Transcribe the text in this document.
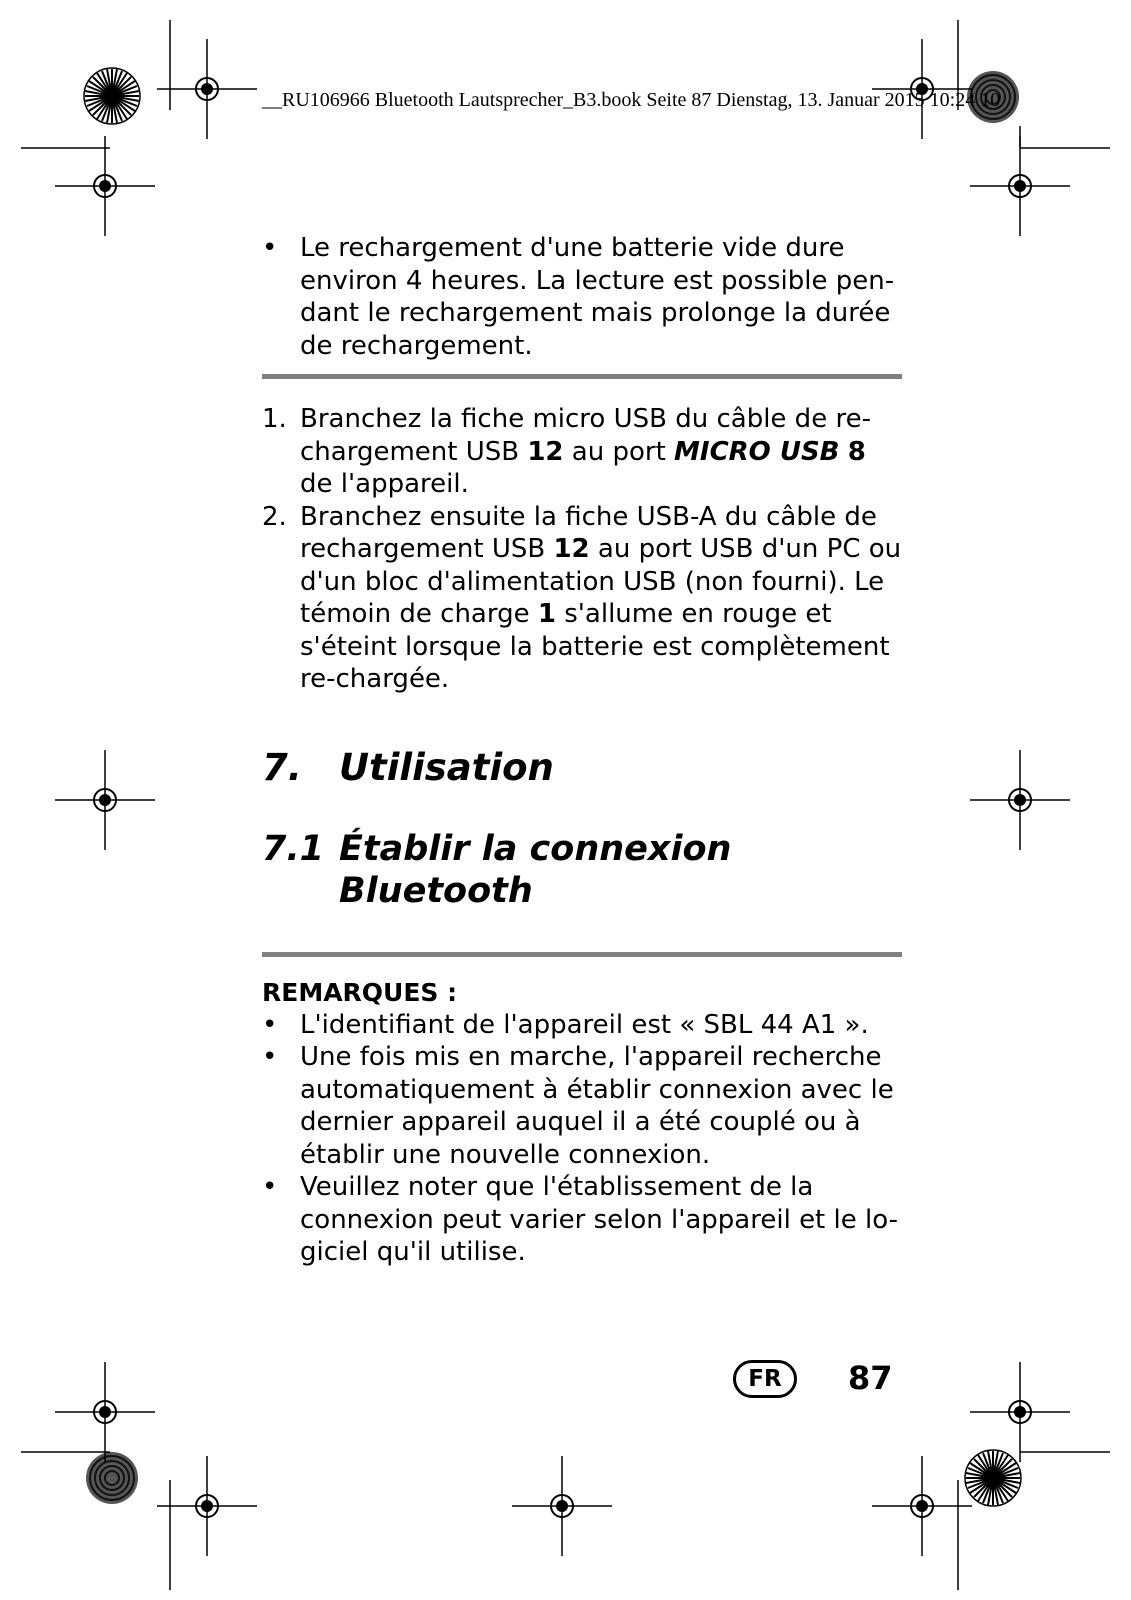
__RU106966 Bluetooth Lautsprecher_B3.book Seite 87 Dienstag, 13. Januar 2015 10:24 10
• Le rechargement d'une batterie vide dure environ 4 heures. La lecture est possible pen-dant le rechargement mais prolonge la durée de rechargement.
1. Branchez la fiche micro USB du câble de re-chargement USB 12 au port MICRO USB 8 de l'appareil.
2. Branchez ensuite la fiche USB-A du câble de rechargement USB 12 au port USB d'un PC ou d'un bloc d'alimentation USB (non fourni). Le témoin de charge 1 s'allume en rouge et s'éteint lorsque la batterie est complètement re-chargée.
7. Utilisation
7.1 Établir la connexion
Bluetooth
REMARQUES :
• L'identifiant de l'appareil est « SBL 44 A1 ».
• Une fois mis en marche, l'appareil recherche automatiquement à établir connexion avec le dernier appareil auquel il a été couplé ou à établir une nouvelle connexion.
• Veuillez noter que l'établissement de la connexion peut varier selon l'appareil et le lo-giciel qu'il utilise.
FR	87
